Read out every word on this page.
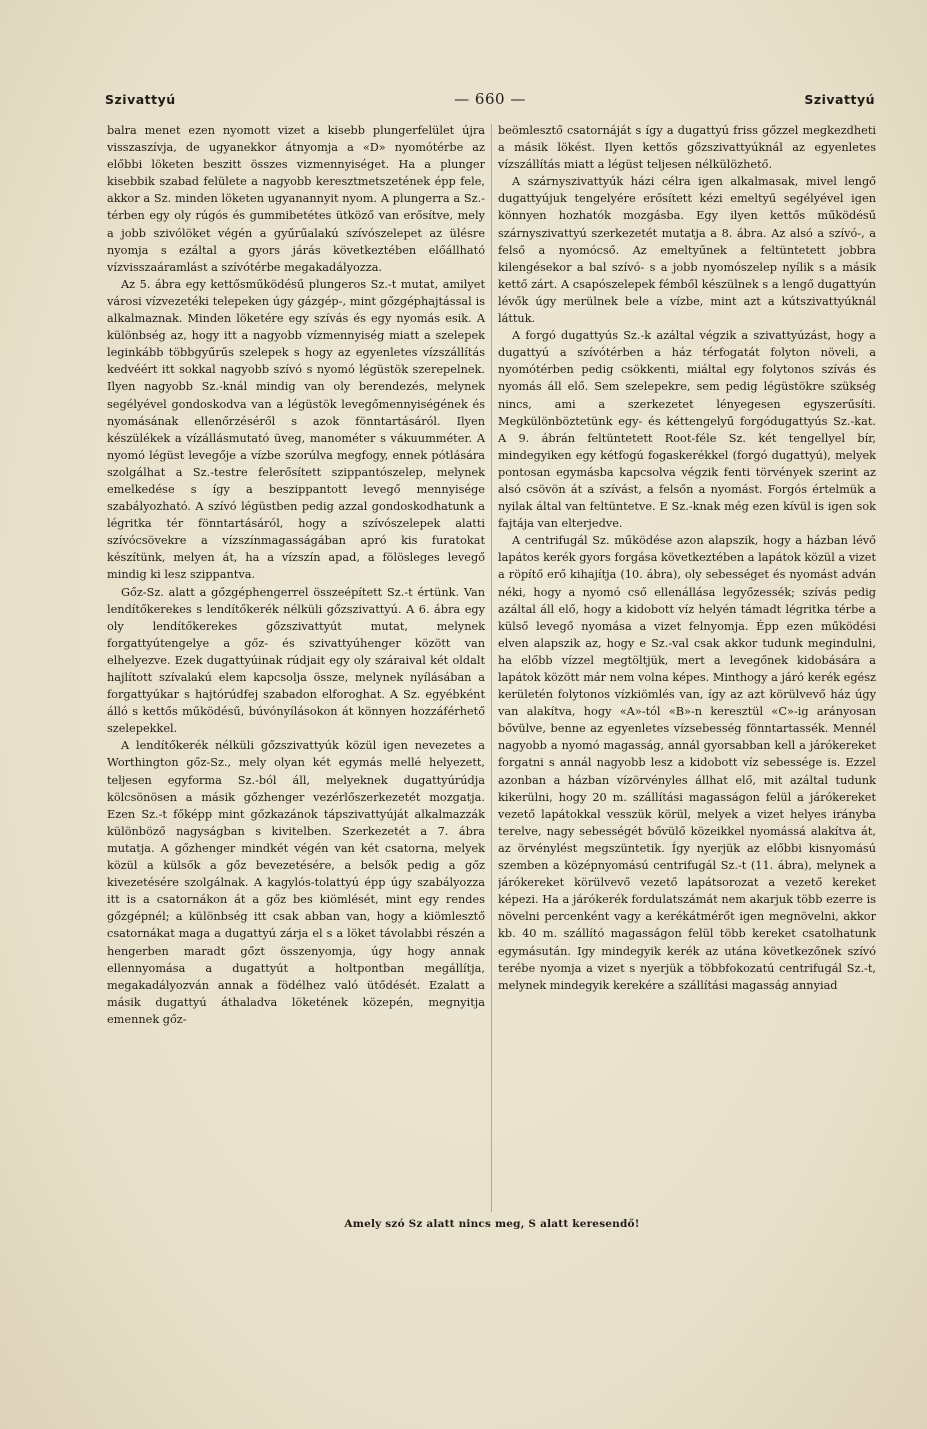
Szivattyú	— 660 —	Szivattyú

balra menet ezen nyomott vizet a kisebb plungerfelület újra visszaszívja, de ugyanekkor átnyomja a «D» nyomótérbe az előbbi löketen beszitt összes vizmennyiséget. Ha a plunger kisebbik szabad felülete a nagyobb keresztmetszetének épp fele, akkor a Sz. minden löketen ugyanannyit nyom. A plungerra a Sz.-térben egy oly rúgós és gummibetétes ütköző van erősítve, mely a jobb szivólöket végén a gyűrűalakú szívószelepet az ülésre nyomja s ezáltal a gyors járás következtében előállható vízvisszaáramlást a szívótérbe megakadályozza.

Az 5. ábra egy kettősműködésű plungeros Sz.-t mutat, amilyet városi vízvezetéki telepeken úgy gázgép-, mint gőzgéphajtással is alkalmaznak. Minden löketére egy szívás és egy nyomás esik. A különbség az, hogy itt a nagyobb vízmennyiség miatt a szelepek leginkább többgyűrűs szelepek s hogy az egyenletes vízszállítás kedvéért itt sokkal nagyobb szívó s nyomó légüstök szerepelnek. Ilyen nagyobb Sz.-knál mindig van oly berendezés, melynek segélyével gondoskodva van a légüstök levegőmennyiségének és nyomásának ellenőrzéséről s azok fönntartásáról. Ilyen készülékek a vízállásmutató üveg, manométer s vákuumméter. A nyomó légüst levegője a vízbe szorúlva megfogy, ennek pótlására szolgálhat a Sz.-testre felerősített szippantószelep, melynek emelkedése s így a beszippantott levegő mennyisége szabályozható. A szívó légüstben pedig azzal gondoskodhatunk a légritka tér fönntartásáról, hogy a szívószelepek alatti szívócsövekre a vízszínmagasságában apró kis furatokat készítünk, melyen át, ha a vízszín apad, a fölösleges levegő mindig ki lesz szippantva.

Gőz-Sz. alatt a gőzgéphengerrel összeépített Sz.-t értünk. Van lendítőkerekes s lendítőkerék nélküli gőzszivattyú. A 6. ábra egy oly lendítőkerekes gőzszivattyút mutat, melynek forgattyútengelye a gőz- és szivattyúhenger között van elhelyezve. Ezek dugattyúinak rúdjait egy oly száraival két oldalt hajlított szívalakú elem kapcsolja össze, melynek nyílásában a forgattyúkar s hajtórúdfej szabadon elforoghat. A Sz. egyébként álló s kettős működésű, búvónyílásokon át könnyen hozzáférhető szelepekkel.

A lendítőkerék nélküli gőzszivattyúk közül igen nevezetes a Worthington gőz-Sz., mely olyan két egymás mellé helyezett, teljesen egyforma Sz.-ból áll, melyeknek dugattyúrúdja kölcsönösen a másik gőzhenger vezérlőszerkezetét mozgatja. Ezen Sz.-t főképp mint gőzkazánok tápszivattyúját alkalmazzák különböző nagyságban s kivitelben. Szerkezetét a 7. ábra mutatja. A gőzhenger mindkét végén van két csatorna, melyek közül a külsők a gőz bevezetésére, a belsők pedig a gőz kivezetésére szolgálnak. A kagylós-tolattyú épp úgy szabályozza itt is a csatornákon át a gőz bes kiömlését, mint egy rendes gőzgépnél; a különbség itt csak abban van, hogy a kiömlesztő csatornákat maga a dugattyú zárja el s a löket távolabbi részén a hengerben maradt gőzt összenyomja, úgy hogy annak ellennyomása a dugattyút a holtpontban megállítja, megakadályozván annak a födélhez való ütődését. Ezalatt a másik dugattyú áthaladva löketének közepén, megnyitja emennek gőz-

beömlesztő csatornáját s így a dugattyú friss gőzzel megkezdheti a másik lökést. Ilyen kettős gőzszivattyúknál az egyenletes vízszállítás miatt a légüst teljesen nélkülözhető.

A szárnyszivattyúk házi célra igen alkalmasak, mivel lengő dugattyújuk tengelyére erősített kézi emeltyű segélyével igen könnyen hozhatók mozgásba. Egy ilyen kettős működésű szárnyszivattyú szerkezetét mutatja a 8. ábra. Az alsó a szívó-, a felső a nyomócső. Az emeltyűnek a feltüntetett jobbra kilengésekor a bal szívó- s a jobb nyomószelep nyílik s a másik kettő zárt. A csapószelepek fémből készülnek s a lengő dugattyún lévők úgy merülnek bele a vízbe, mint azt a kútszivattyúknál láttuk.

A forgó dugattyús Sz.-k azáltal végzik a szivattyúzást, hogy a dugattyú a szívótérben a ház térfogatát folyton növeli, a nyomótérben pedig csökkenti, miáltal egy folytonos szívás és nyomás áll elő. Sem szelepekre, sem pedig légüstökre szükség nincs, ami a szerkezetet lényegesen egyszerűsíti. Megkülönböztetünk egy- és kéttengelyű forgódugattyús Sz.-kat. A 9. ábrán feltüntetett Root-féle Sz. két tengellyel bír, mindegyiken egy kétfogú fogaskerékkel (forgó dugattyú), melyek pontosan egymásba kapcsolva végzik fenti törvények szerint az alsó csövön át a szívást, a felsőn a nyomást. Forgós értelmük a nyilak által van feltüntetve. E Sz.-knak még ezen kívül is igen sok fajtája van elterjedve.

A centrifugál Sz. működése azon alapszik, hogy a házban lévő lapátos kerék gyors forgása következtében a lapátok közül a vizet a röpítő erő kihajítja (10. ábra), oly sebességet és nyomást adván néki, hogy a nyomó cső ellenállása legyőzessék; szívás pedig azáltal áll elő, hogy a kidobott víz helyén támadt légritka térbe a külső levegő nyomása a vizet felnyomja. Épp ezen működési elven alapszik az, hogy e Sz.-val csak akkor tudunk megindulni, ha előbb vízzel megtöltjük, mert a levegőnek kidobására a lapátok között már nem volna képes. Minthogy a járó kerék egész kerületén folytonos vízkiömlés van, így az azt körülvevő ház úgy van alakítva, hogy «A»-tól «B»-n keresztül «C»-ig arányosan bővülve, benne az egyenletes vízsebesség fönntartassék. Mennél nagyobb a nyomó magasság, annál gyorsabban kell a járókereket forgatni s annál nagyobb lesz a kidobott víz sebessége is. Ezzel azonban a házban vízörvényles állhat elő, mit azáltal tudunk kikerülni, hogy 20 m. szállítási magasságon felül a járókereket vezető lapátokkal vesszük körül, melyek a vizet helyes irányba terelve, nagy sebességét bővülő közeikkel nyomássá alakítva át, az örvénylést megszüntetik. Így nyerjük az előbbi kisnyomású szemben a középnyomású centrifugál Sz.-t (11. ábra), melynek a járókereket körülvevő vezető lapátsorozat a vezető kereket képezi. Ha a járókerék fordulatszámát nem akarjuk több ezerre is növelni percenként vagy a kerékátmérőt igen megnövelni, akkor kb. 40 m. szállító magasságon felül több kereket csatolhatunk egymásután. Igy mindegyik kerék az utána következőnek szívó terébe nyomja a vizet s nyerjük a többfokozatú centrifugál Sz.-t, melynek mindegyik kerekére a szállítási magasság annyiad

Amely szó Sz alatt nincs meg, S alatt keresendő!
